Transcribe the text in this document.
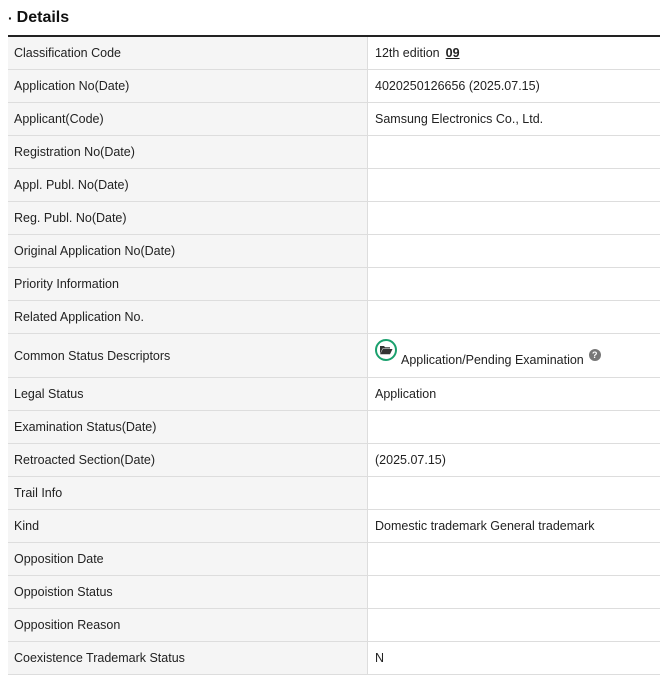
· Details
Classification Code	12th edition 09
Application No(Date)	4020250126656 (2025.07.15)
Applicant(Code)	Samsung Electronics Co., Ltd.
Registration No(Date)	
Appl. Publ. No(Date)	
Reg. Publ. No(Date)	
Original Application No(Date)	
Priority Information	
Related Application No.	
Common Status Descriptors	Application/Pending Examination ?

Legal Status	Application
Examination Status(Date)	
Retroacted Section(Date)	(2025.07.15)
Trail Info	
Kind	Domestic trademark General trademark
Opposition Date	
Oppoistion Status	
Opposition Reason	
Coexistence Trademark Status	N
